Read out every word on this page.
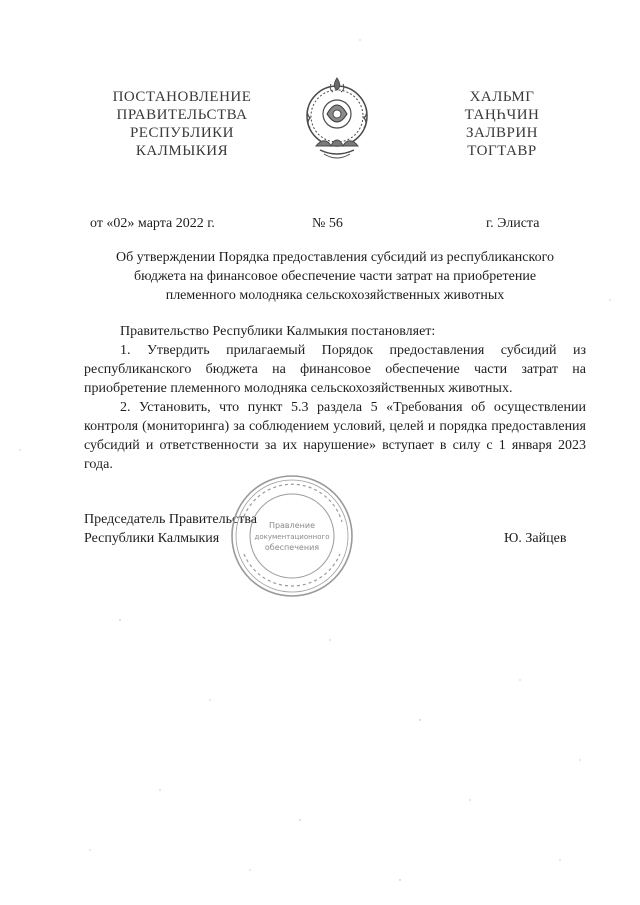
ПОСТАНОВЛЕНИЕ
ПРАВИТЕЛЬСТВА
РЕСПУБЛИКИ
КАЛМЫКИЯ
ХАЛЬМГ
ТАҢҺЧИН
ЗАЛВРИН
ТОГТАВР
от «02» марта 2022 г.	№ 56	г. Элиста
Об утверждении Порядка предоставления субсидий из республиканского
бюджета на финансовое обеспечение части затрат на приобретение
племенного молодняка сельскохозяйственных животных

Правительство Республики Калмыкия постановляет:

1. Утвердить прилагаемый Порядок предоставления субсидий из республиканского бюджета на финансовое обеспечение части затрат на приобретение племенного молодняка сельскохозяйственных животных.

2. Установить, что пункт 5.3 раздела 5 «Требования об осуществлении контроля (мониторинга) за соблюдением условий, целей и порядка предоставления субсидий и ответственности за их нарушение» вступает в силу с 1 января 2023 года.

Председатель Правительства
Республики Калмыкия	Ю. Зайцев
Правление
документационного
обеспечения
